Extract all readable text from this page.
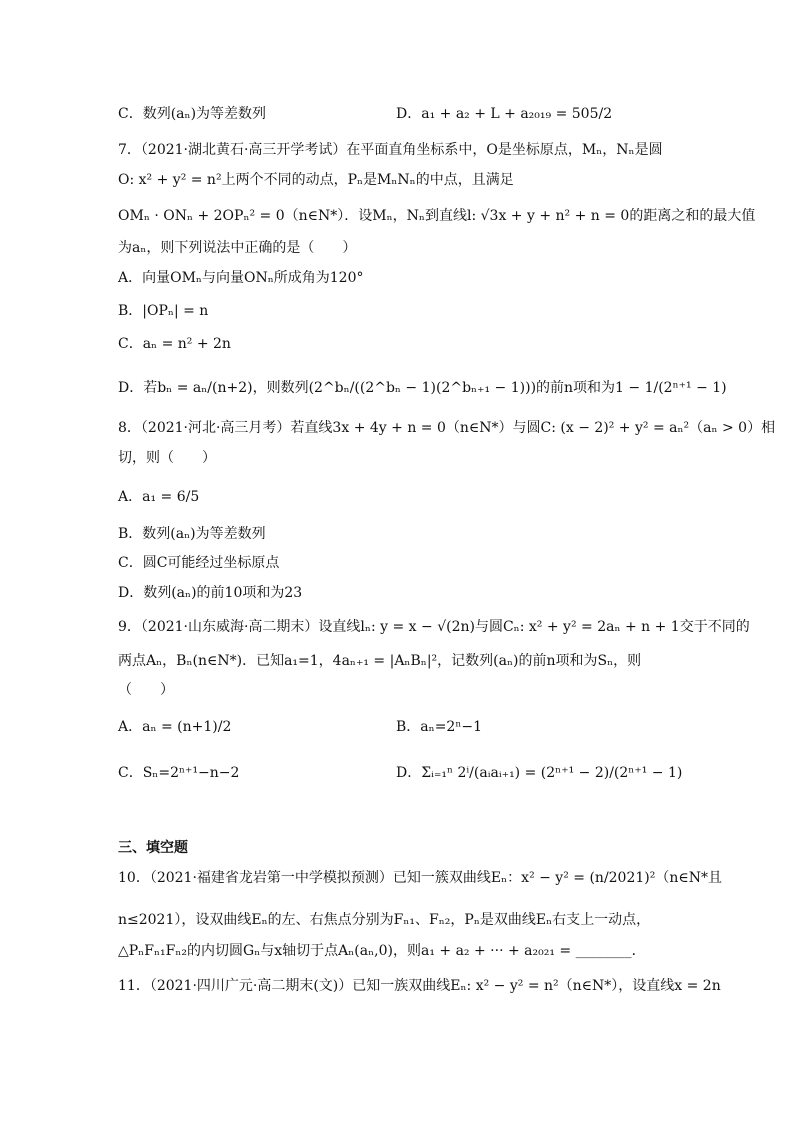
C．数列(aₙ)为等差数列	D．a₁ + a₂ + L + a₂₀₁₉ = 505/2
7．（2021·湖北黄石·高三开学考试）在平面直角坐标系中，O是坐标原点，Mₙ，Nₙ是圆
O: x² + y² = n²上两个不同的动点，Pₙ是MₙNₙ的中点，且满足
OMₙ · ONₙ + 2OPₙ² = 0（n∈N*）．设Mₙ，Nₙ到直线l: √3x + y + n² + n = 0的距离之和的最大值
为aₙ，则下列说法中正确的是（　　）
A．向量OMₙ与向量ONₙ所成角为120°
B．|OPₙ| = n
C．aₙ = n² + 2n
D．若bₙ = aₙ/(n+2)，则数列(2^bₙ/((2^bₙ − 1)(2^bₙ₊₁ − 1)))的前n项和为1 − 1/(2ⁿ⁺¹ − 1)
8．（2021·河北·高三月考）若直线3x + 4y + n = 0（n∈N*）与圆C: (x − 2)² + y² = aₙ²（aₙ > 0）相
切，则（　　）
A．a₁ = 6/5
B．数列(aₙ)为等差数列
C．圆C可能经过坐标原点
D．数列(aₙ)的前10项和为23
9．（2021·山东威海·高二期末）设直线lₙ: y = x − √(2n)与圆Cₙ: x² + y² = 2aₙ + n + 1交于不同的
两点Aₙ，Bₙ(n∈N*)．已知a₁=1，4aₙ₊₁ = |AₙBₙ|²，记数列(aₙ)的前n项和为Sₙ，则
（　　）
A．aₙ = (n+1)/2	B．aₙ=2ⁿ−1
C．Sₙ=2ⁿ⁺¹−n−2	D．Σᵢ₌₁ⁿ 2ⁱ/(aᵢaᵢ₊₁) = (2ⁿ⁺¹ − 2)/(2ⁿ⁺¹ − 1)
三、填空题
10．（2021·福建省龙岩第一中学模拟预测）已知一簇双曲线Eₙ：x² − y² = (n/2021)²（n∈N*且
n≤2021），设双曲线Eₙ的左、右焦点分别为Fₙ₁、Fₙ₂，Pₙ是双曲线Eₙ右支上一动点，
△PₙFₙ₁Fₙ₂的内切圆Gₙ与x轴切于点Aₙ(aₙ,0)，则a₁ + a₂ + ··· + a₂₀₂₁ = ________．
11．（2021·四川广元·高二期末(文)）已知一族双曲线Eₙ: x² − y² = n²（n∈N*），设直线x = 2n
